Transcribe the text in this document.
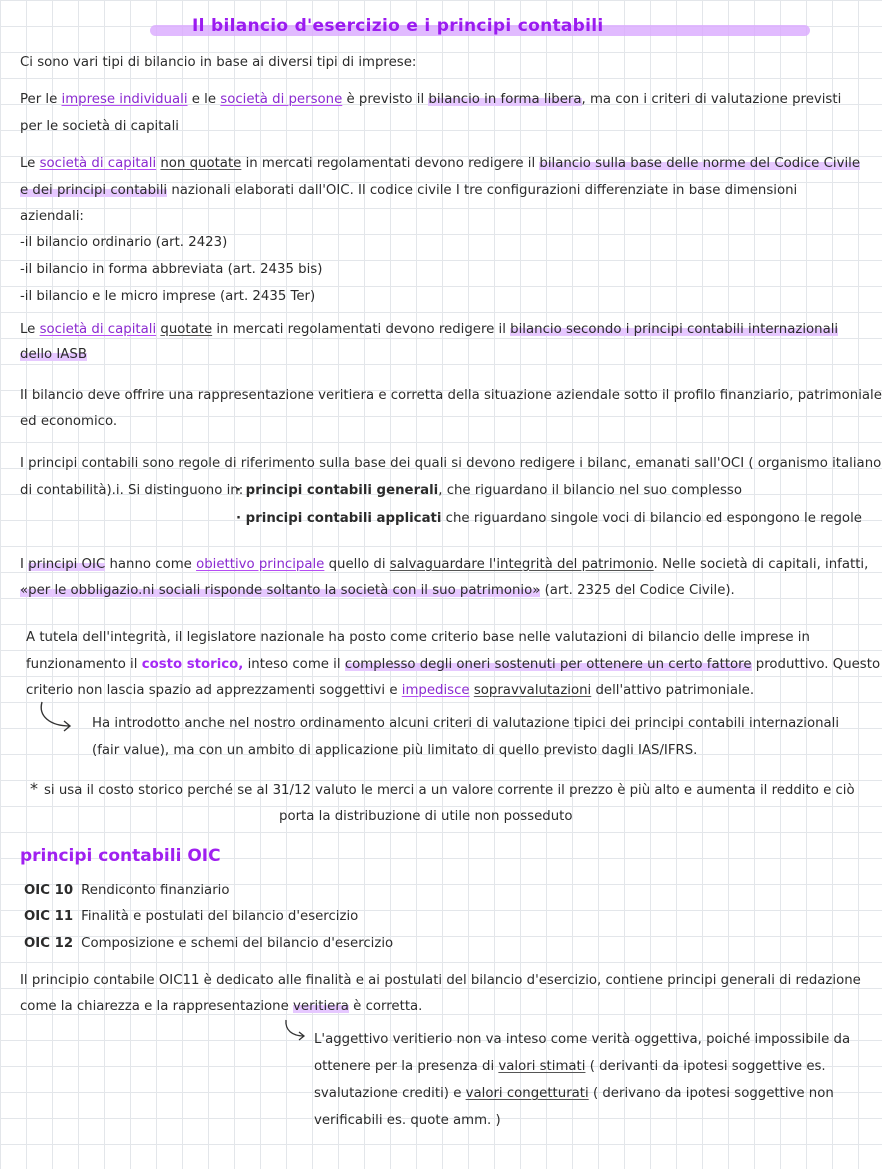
Il bilancio d'esercizio e i principi contabili
Ci sono vari tipi di bilancio in base ai diversi tipi di imprese:
Per le imprese individuali e le società di persone è previsto il bilancio in forma libera, ma con i criteri di valutazione previsti
per le società di capitali
Le società di capitali non quotate in mercati regolamentati devono redigere il bilancio sulla base delle norme del Codice Civile
e dei principi contabili nazionali elaborati dall'OIC. Il codice civile I tre configurazioni differenziate in base dimensioni
aziendali:
-il bilancio ordinario (art. 2423)
-il bilancio in forma abbreviata (art. 2435 bis)
-il bilancio e le micro imprese (art. 2435 Ter)
Le società di capitali quotate in mercati regolamentati devono redigere il bilancio secondo i principi contabili internazionali
dello IASB
Il bilancio deve offrire una rappresentazione veritiera e corretta della situazione aziendale sotto il profilo finanziario, patrimoniale
ed economico.
I principi contabili sono regole di riferimento sulla base dei quali si devono redigere i bilanc, emanati sall'OCI ( organismo italiano
di contabilità).i. Si distinguono in:
· principi contabili generali, che riguardano il bilancio nel suo complesso
· principi contabili applicati che riguardano singole voci di bilancio ed espongono le regole
I principi OIC hanno come obiettivo principale quello di salvaguardare l'integrità del patrimonio. Nelle società di capitali, infatti,
«per le obbligazio.ni sociali risponde soltanto la società con il suo patrimonio» (art. 2325 del Codice Civile).
A tutela dell'integrità, il legislatore nazionale ha posto come criterio base nelle valutazioni di bilancio delle imprese in
funzionamento il costo storico, inteso come il complesso degli oneri sostenuti per ottenere un certo fattore produttivo. Questo
criterio non lascia spazio ad apprezzamenti soggettivi e impedisce sopravvalutazioni dell'attivo patrimoniale.
Ha introdotto anche nel nostro ordinamento alcuni criteri di valutazione tipici dei principi contabili internazionali
(fair value), ma con un ambito di applicazione più limitato di quello previsto dagli IAS/IFRS.
* si usa il costo storico perché se al 31/12 valuto le merci a un valore corrente il prezzo è più alto e aumenta il reddito e ciò
porta la distribuzione di utile non posseduto
principi contabili OIC
OIC 10 Rendiconto finanziario
OIC 11 Finalità e postulati del bilancio d'esercizio
OIC 12 Composizione e schemi del bilancio d'esercizio
Il principio contabile OIC11 è dedicato alle finalità e ai postulati del bilancio d'esercizio, contiene principi generali di redazione
come la chiarezza e la rappresentazione veritiera è corretta.
L'aggettivo veritierio non va inteso come verità oggettiva, poiché impossibile da
ottenere per la presenza di valori stimati ( derivanti da ipotesi soggettive es.
svalutazione crediti) e valori congetturati ( derivano da ipotesi soggettive non
verificabili es. quote amm. )
